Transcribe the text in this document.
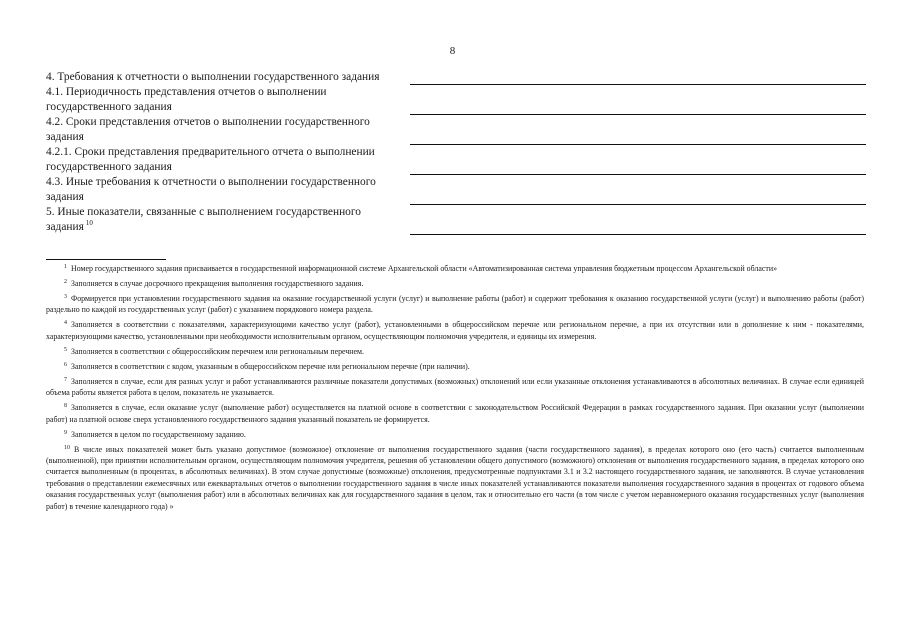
8
4. Требования к отчетности о выполнении государственного задания
4.1. Периодичность представления отчетов о выполнении государственного задания
4.2. Сроки представления отчетов о выполнении государственного задания
4.2.1. Сроки представления предварительного отчета о выполнении государственного задания
4.3. Иные требования к отчетности о выполнении государственного задания
5. Иные показатели, связанные с выполнением государственного задания $^{10}$

$^1$ Номер государственного задания присваивается в государственной информационной системе Архангельской области «Автоматизированная система управления бюджетным процессом Архангельской области»

$^2$ Заполняется в случае досрочного прекращения выполнения государственного задания.

$^3$ Формируется при установлении государственного задания на оказание государственной услуги (услуг) и выполнение работы (работ) и содержит требования к оказанию государственной услуги (услуг) и выполнению работы (работ) раздельно по каждой из государственных услуг (работ) с указанием порядкового номера раздела.

$^4$ Заполняется в соответствии с показателями, характеризующими качество услуг (работ), установленными в общероссийском перечне или региональном перечне, а при их отсутствии или в дополнение к ним - показателями, характеризующими качество, установленными при необходимости исполнительным органом, осуществляющим полномочия учредителя, и единицы их измерения.

$^5$ Заполняется в соответствии с общероссийским перечнем или региональным перечнем.

$^6$ Заполняется в соответствии с кодом, указанным в общероссийском перечне или региональном перечне (при наличии).

$^7$ Заполняется в случае, если для разных услуг и работ устанавливаются различные показатели допустимых (возможных) отклонений или если указанные отклонения устанавливаются в абсолютных величинах. В случае если единицей объема работы является работа в целом, показатель не указывается.

$^8$ Заполняется в случае, если оказание услуг (выполнение работ) осуществляется на платной основе в соответствии с законодательством Российской Федерации в рамках государственного задания. При оказании услуг (выполнении работ) на платной основе сверх установленного государственного задания указанный показатель не формируется.

$^9$ Заполняется в целом по государственному заданию.

$^{10}$ В числе иных показателей может быть указано допустимое (возможное) отклонение от выполнения государственного задания (части государственного задания), в пределах которого оно (его часть) считается выполненным (выполненной), при принятии исполнительным органом, осуществляющим полномочия учредителя, решения об установлении общего допустимого (возможного) отклонения от выполнения государственного задания, в пределах которого оно считается выполненным (в процентах, в абсолютных величинах). В этом случае допустимые (возможные) отклонения, предусмотренные подпунктами 3.1 и 3.2 настоящего государственного задания, не заполняются. В случае установления требования о представлении ежемесячных или ежеквартальных отчетов о выполнении государственного задания в числе иных показателей устанавливаются показатели выполнения государственного задания в процентах от годового объема оказания государственных услуг (выполнения работ) или в абсолютных величинах как для государственного задания в целом, так и относительно его части (в том числе с учетом неравномерного оказания государственных услуг (выполнения работ) в течение календарного года) »
